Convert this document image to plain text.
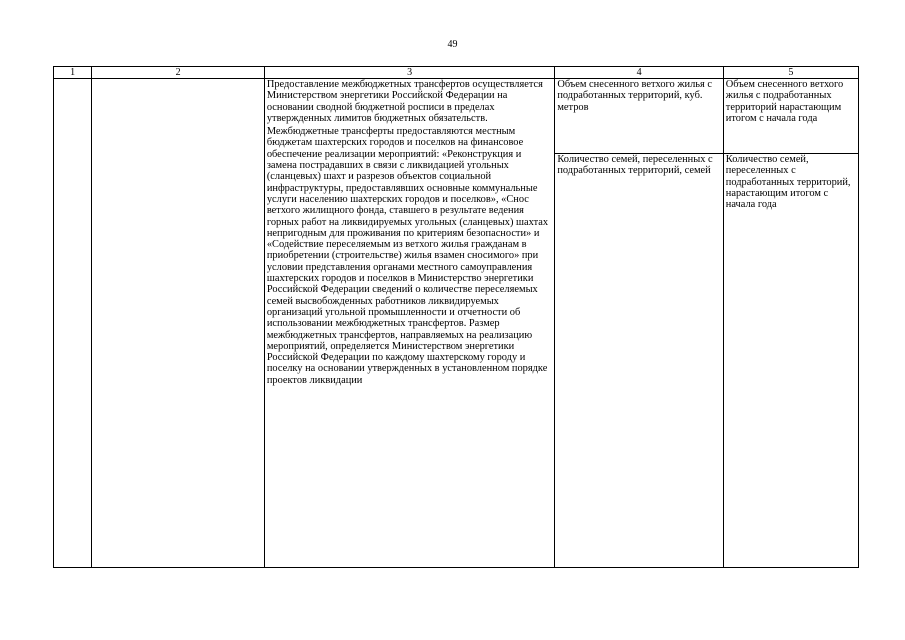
49
1	2	3	4	5

		Предоставление межбюджетных трансфертов осуществляется Министерством энергетики Российской Федерации на основании сводной бюджетной росписи в пределах утвержденных лимитов бюджетных обязательств.
Межбюджетные трансферты предоставляются местным бюджетам шахтерских городов и поселков на финансовое обеспечение реализации мероприятий: «Реконструкция и замена пострадавших в связи с ликвидацией угольных (сланцевых) шахт и разрезов объектов социальной инфраструктуры, предоставлявших основные коммунальные услуги населению шахтерских городов и поселков», «Снос ветхого жилищного фонда, ставшего в результате ведения горных работ на ликвидируемых угольных (сланцевых) шахтах непригодным для проживания по критериям безопасности» и «Содействие переселяемым из ветхого жилья гражданам в приобретении (строительстве) жилья взамен сносимого» при условии представления органами местного самоуправления шахтерских городов и поселков в Министерство энергетики Российской Федерации сведений о количестве переселяемых семей высвобожденных работников ликвидируемых организаций угольной промышленности и отчетности об использовании межбюджетных трансфертов. Размер межбюджетных трансфертов, направляемых на реализацию мероприятий, определяется Министерством энергетики Российской Федерации по каждому шахтерскому городу и поселку на основании утвержденных в установленном порядке проектов ликвидации	Объем снесенного ветхого жилья с подработанных территорий, куб. метров	Объем снесенного ветхого жилья с подработанных территорий нарастающим итогом с начала года
			Количество семей, переселенных с подработанных территорий, семей	Количество семей, переселенных с подработанных территорий, нарастающим итогом с начала года
